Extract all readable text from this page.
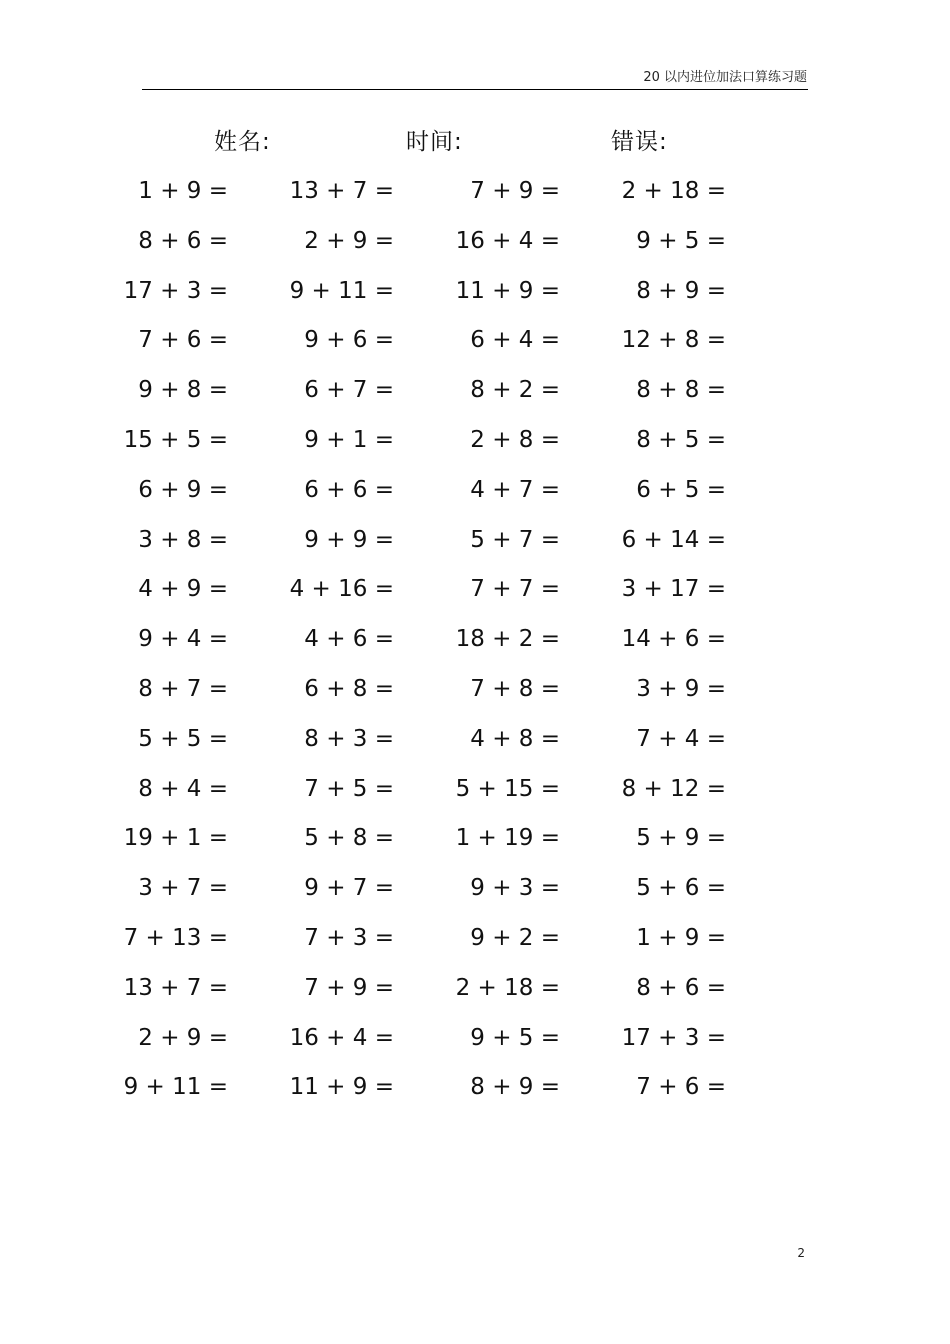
20 以内进位加法口算练习题
姓名:	时间:	错误:
1 + 9 =	13 + 7 =	7 + 9 =	2 + 18 =
8 + 6 =	2 + 9 =	16 + 4 =	9 + 5 =
17 + 3 =	9 + 11 =	11 + 9 =	8 + 9 =
7 + 6 =	9 + 6 =	6 + 4 =	12 + 8 =
9 + 8 =	6 + 7 =	8 + 2 =	8 + 8 =
15 + 5 =	9 + 1 =	2 + 8 =	8 + 5 =
6 + 9 =	6 + 6 =	4 + 7 =	6 + 5 =
3 + 8 =	9 + 9 =	5 + 7 =	6 + 14 =
4 + 9 =	4 + 16 =	7 + 7 =	3 + 17 =
9 + 4 =	4 + 6 =	18 + 2 =	14 + 6 =
8 + 7 =	6 + 8 =	7 + 8 =	3 + 9 =
5 + 5 =	8 + 3 =	4 + 8 =	7 + 4 =
8 + 4 =	7 + 5 =	5 + 15 =	8 + 12 =
19 + 1 =	5 + 8 =	1 + 19 =	5 + 9 =
3 + 7 =	9 + 7 =	9 + 3 =	5 + 6 =
7 + 13 =	7 + 3 =	9 + 2 =	1 + 9 =
13 + 7 =	7 + 9 =	2 + 18 =	8 + 6 =
2 + 9 =	16 + 4 =	9 + 5 =	17 + 3 =
9 + 11 =	11 + 9 =	8 + 9 =	7 + 6 =
2
